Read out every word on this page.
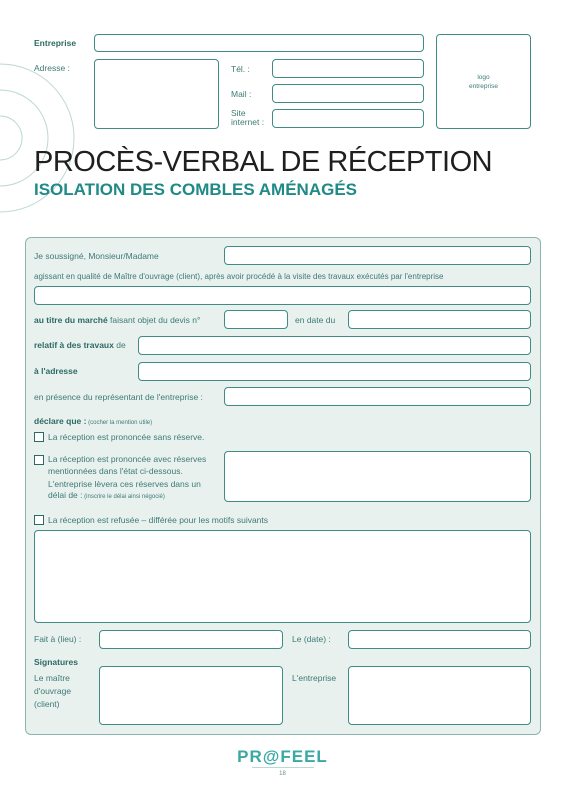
Entreprise
Adresse :	Tél. :
Mail :
Site internet :
logo entreprise
PROCÈS-VERBAL DE RÉCEPTION
ISOLATION DES COMBLES AMÉNAGÉS
Je soussigné, Monsieur/Madame
agissant en qualité de Maître d'ouvrage (client), après avoir procédé à la visite des travaux exécutés par l'entreprise
au titre du marché faisant objet du devis n°	en date du
relatif à des travaux de
à l'adresse
en présence du représentant de l'entreprise :
déclare que : (cocher la mention utile)
La réception est prononcée sans réserve.
La réception est prononcée avec réserves
mentionnées dans l'état ci-dessous.
L'entreprise lèvera ces réserves dans un
délai de : (inscrire le délai ainsi négocié)
La réception est refusée – différée pour les motifs suivants
Fait à (lieu) :	Le (date) :
Signatures
Le maître
d'ouvrage
(client)
L'entreprise
PR@FEEL
18
